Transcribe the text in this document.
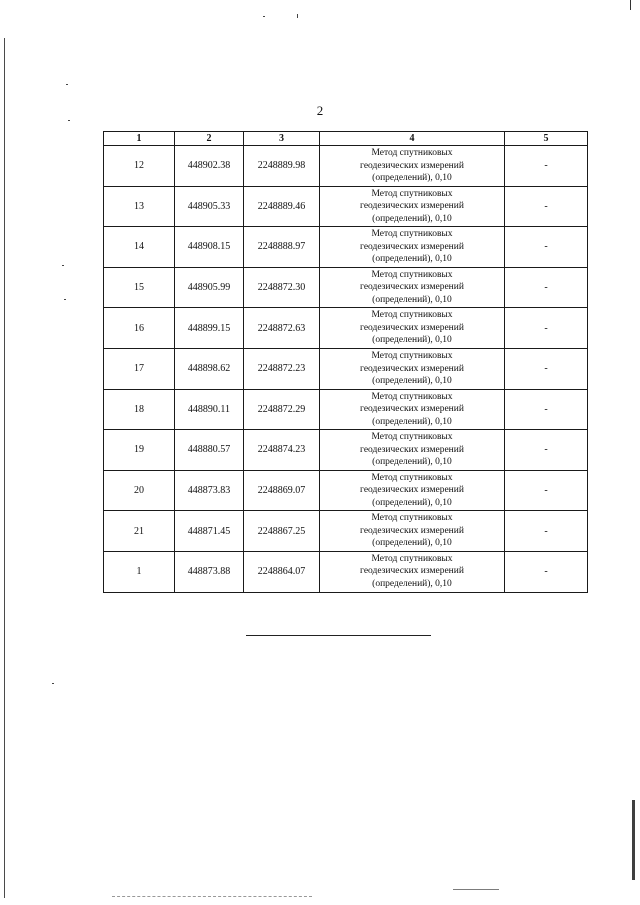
2
1	2	3	4	5
12	448902.38	2248889.98	Метод спутниковых
геодезических измерений
(определений), 0,10	-
13	448905.33	2248889.46	Метод спутниковых
геодезических измерений
(определений), 0,10	-
14	448908.15	2248888.97	Метод спутниковых
геодезических измерений
(определений), 0,10	-
15	448905.99	2248872.30	Метод спутниковых
геодезических измерений
(определений), 0,10	-
16	448899.15	2248872.63	Метод спутниковых
геодезических измерений
(определений), 0,10	-
17	448898.62	2248872.23	Метод спутниковых
геодезических измерений
(определений), 0,10	-
18	448890.11	2248872.29	Метод спутниковых
геодезических измерений
(определений), 0,10	-
19	448880.57	2248874.23	Метод спутниковых
геодезических измерений
(определений), 0,10	-
20	448873.83	2248869.07	Метод спутниковых
геодезических измерений
(определений), 0,10	-
21	448871.45	2248867.25	Метод спутниковых
геодезических измерений
(определений), 0,10	-
1	448873.88	2248864.07	Метод спутниковых
геодезических измерений
(определений), 0,10	-
